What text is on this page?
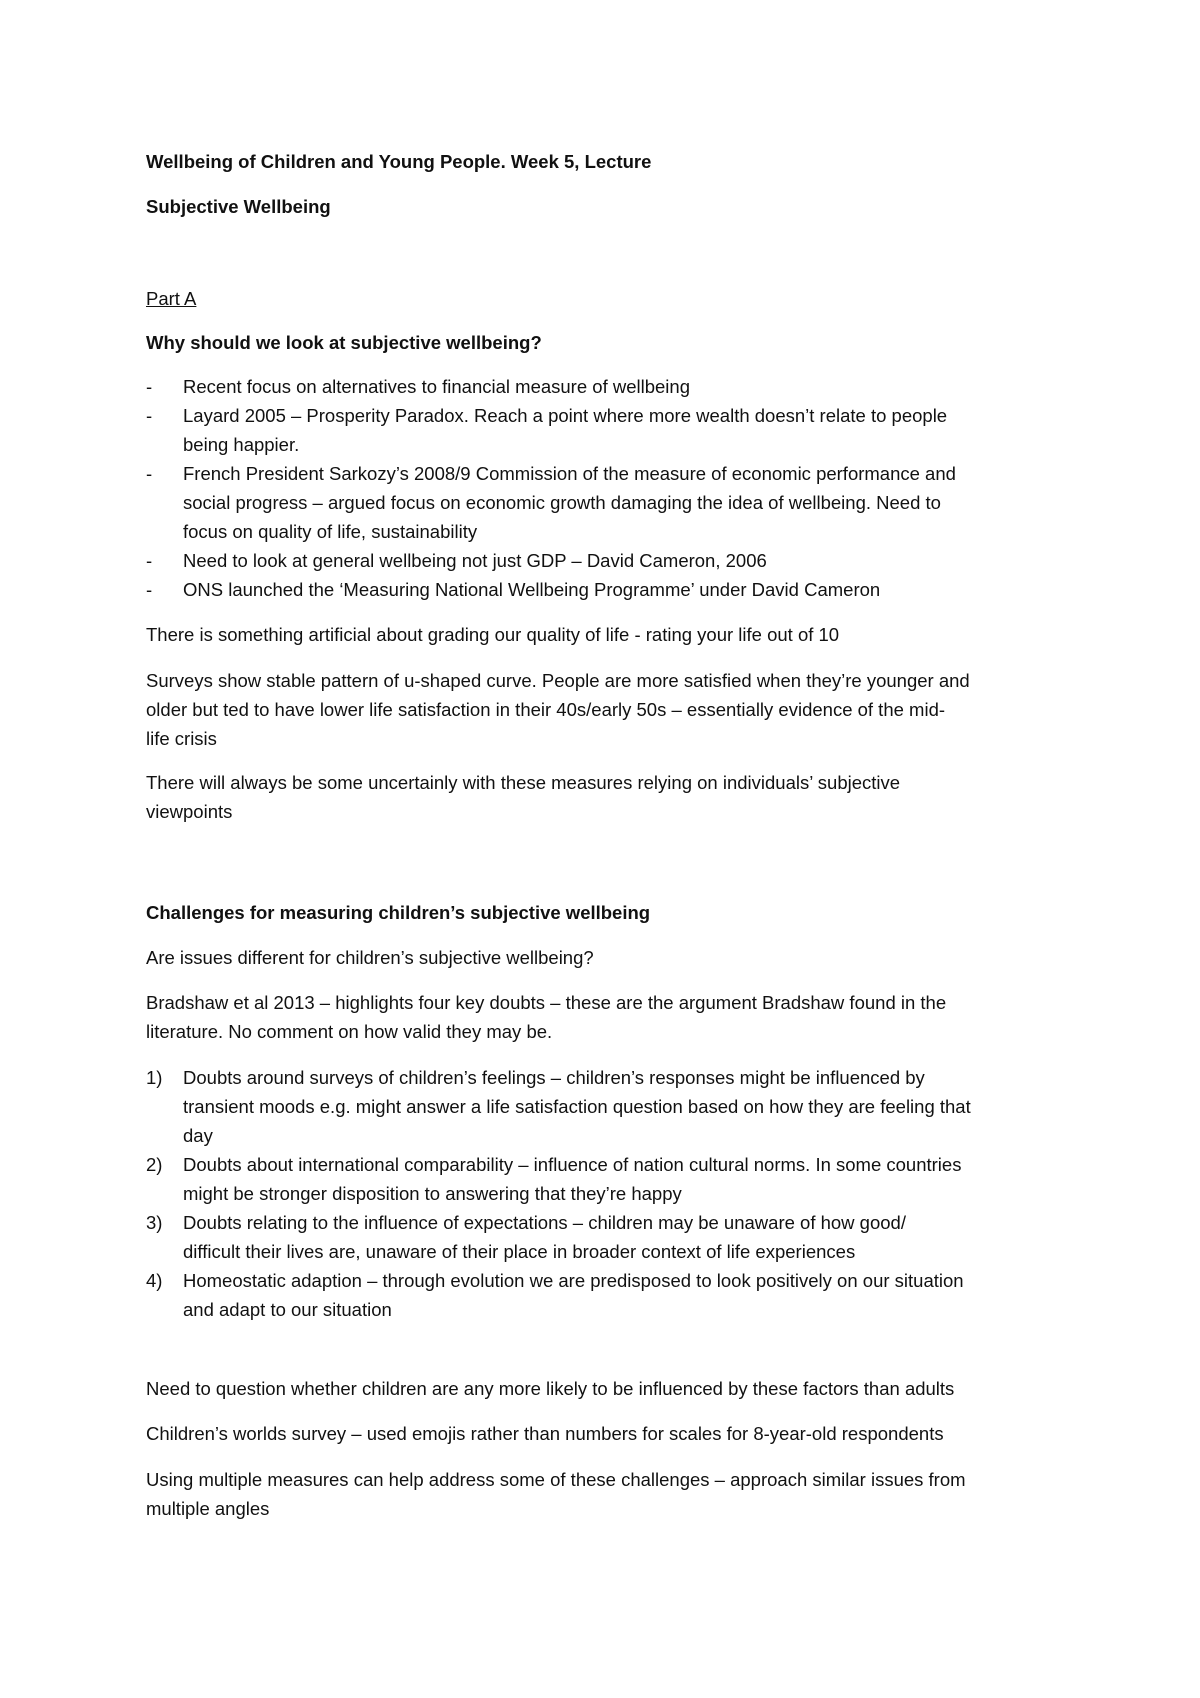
Wellbeing of Children and Young People. Week 5, Lecture
Subjective Wellbeing
Part A
Why should we look at subjective wellbeing?
- Recent focus on alternatives to financial measure of wellbeing
- Layard 2005 – Prosperity Paradox. Reach a point where more wealth doesn’t relate to people
being happier.
- French President Sarkozy’s 2008/9 Commission of the measure of economic performance and
social progress – argued focus on economic growth damaging the idea of wellbeing. Need to
focus on quality of life, sustainability
- Need to look at general wellbeing not just GDP – David Cameron, 2006
- ONS launched the ‘Measuring National Wellbeing Programme’ under David Cameron
There is something artificial about grading our quality of life - rating your life out of 10
Surveys show stable pattern of u-shaped curve. People are more satisfied when they’re younger and
older but ted to have lower life satisfaction in their 40s/early 50s – essentially evidence of the mid-
life crisis
There will always be some uncertainly with these measures relying on individuals’ subjective
viewpoints
Challenges for measuring children’s subjective wellbeing
Are issues different for children’s subjective wellbeing?
Bradshaw et al 2013 – highlights four key doubts – these are the argument Bradshaw found in the
literature. No comment on how valid they may be.
1) Doubts around surveys of children’s feelings – children’s responses might be influenced by
transient moods e.g. might answer a life satisfaction question based on how they are feeling that
day
2) Doubts about international comparability – influence of nation cultural norms. In some countries
might be stronger disposition to answering that they’re happy
3) Doubts relating to the influence of expectations – children may be unaware of how good/
difficult their lives are, unaware of their place in broader context of life experiences
4) Homeostatic adaption – through evolution we are predisposed to look positively on our situation
and adapt to our situation
Need to question whether children are any more likely to be influenced by these factors than adults
Children’s worlds survey – used emojis rather than numbers for scales for 8-year-old respondents
Using multiple measures can help address some of these challenges – approach similar issues from
multiple angles
